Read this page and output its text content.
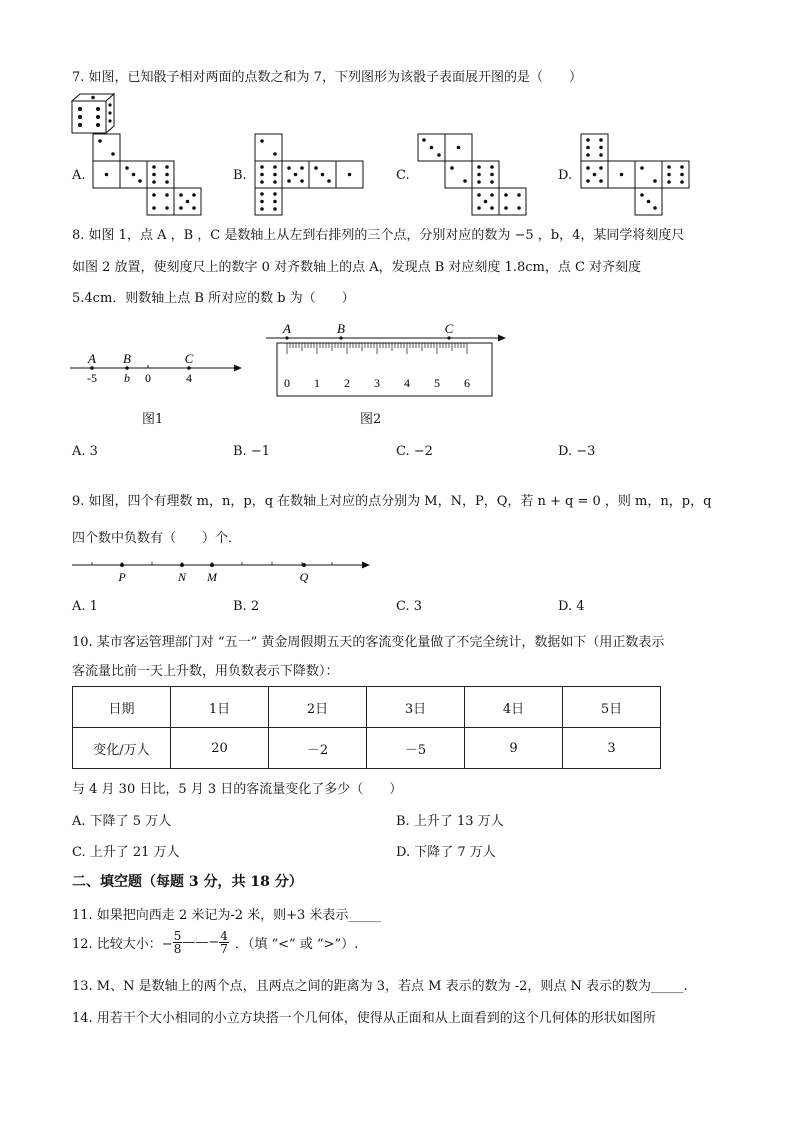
7. 如图，已知骰子相对两面的点数之和为 7，下列图形为该骰子表面展开图的是（　　）
A.	B.	C.	D.
8. 如图 1，点 A ，B ，C 是数轴上从左到右排列的三个点，分别对应的数为 −5 ，b，4，某同学将刻度尺
如图 2 放置，使刻度尺上的数字 0 对齐数轴上的点 A，发现点 B 对应刻度 1.8cm，点 C 对齐刻度
5.4cm．则数轴上点 B 所对应的数 b 为（　　）
A B	C
-5 b 0	4
图1
A	B	C
0 1 2 3 4 5 6
图2
A. 3	B. −1	C. −2	D. −3
9. 如图，四个有理数 m，n，p，q 在数轴上对应的点分别为 M，N，P，Q，若 n + q = 0 ，则 m，n，p，q
四个数中负数有（　　）个．
P	N M	Q
A. 1	B. 2	C. 3	D. 4
10. 某市客运管理部门对 “五一” 黄金周假期五天的客流变化量做了不完全统计，数据如下（用正数表示
客流量比前一天上升数，用负数表示下降数）：
日期	1日	2日	3日	4日	5日
变化/万人	20	－2	－5	9	3
与 4 月 30 日比，5 月 3 日的客流量变化了多少（　　）
A. 下降了 5 万人	B. 上升了 13 万人
C. 上升了 21 万人	D. 下降了 7 万人
二、填空题（每题 3 分，共 18 分）
11. 如果把向西走 2 米记为-2 米，则+3 米表示_____
12. 比较大小：− $\frac{5}{8}$ ——− $\frac{4}{7}$ ．（填 “<” 或 “>”）.
13. M、N 是数轴上的两个点，且两点之间的距离为 3，若点 M 表示的数为 -2，则点 N 表示的数为_____.
14. 用若干个大小相同的小立方块搭一个几何体，使得从正面和从上面看到的这个几何体的形状如图所
